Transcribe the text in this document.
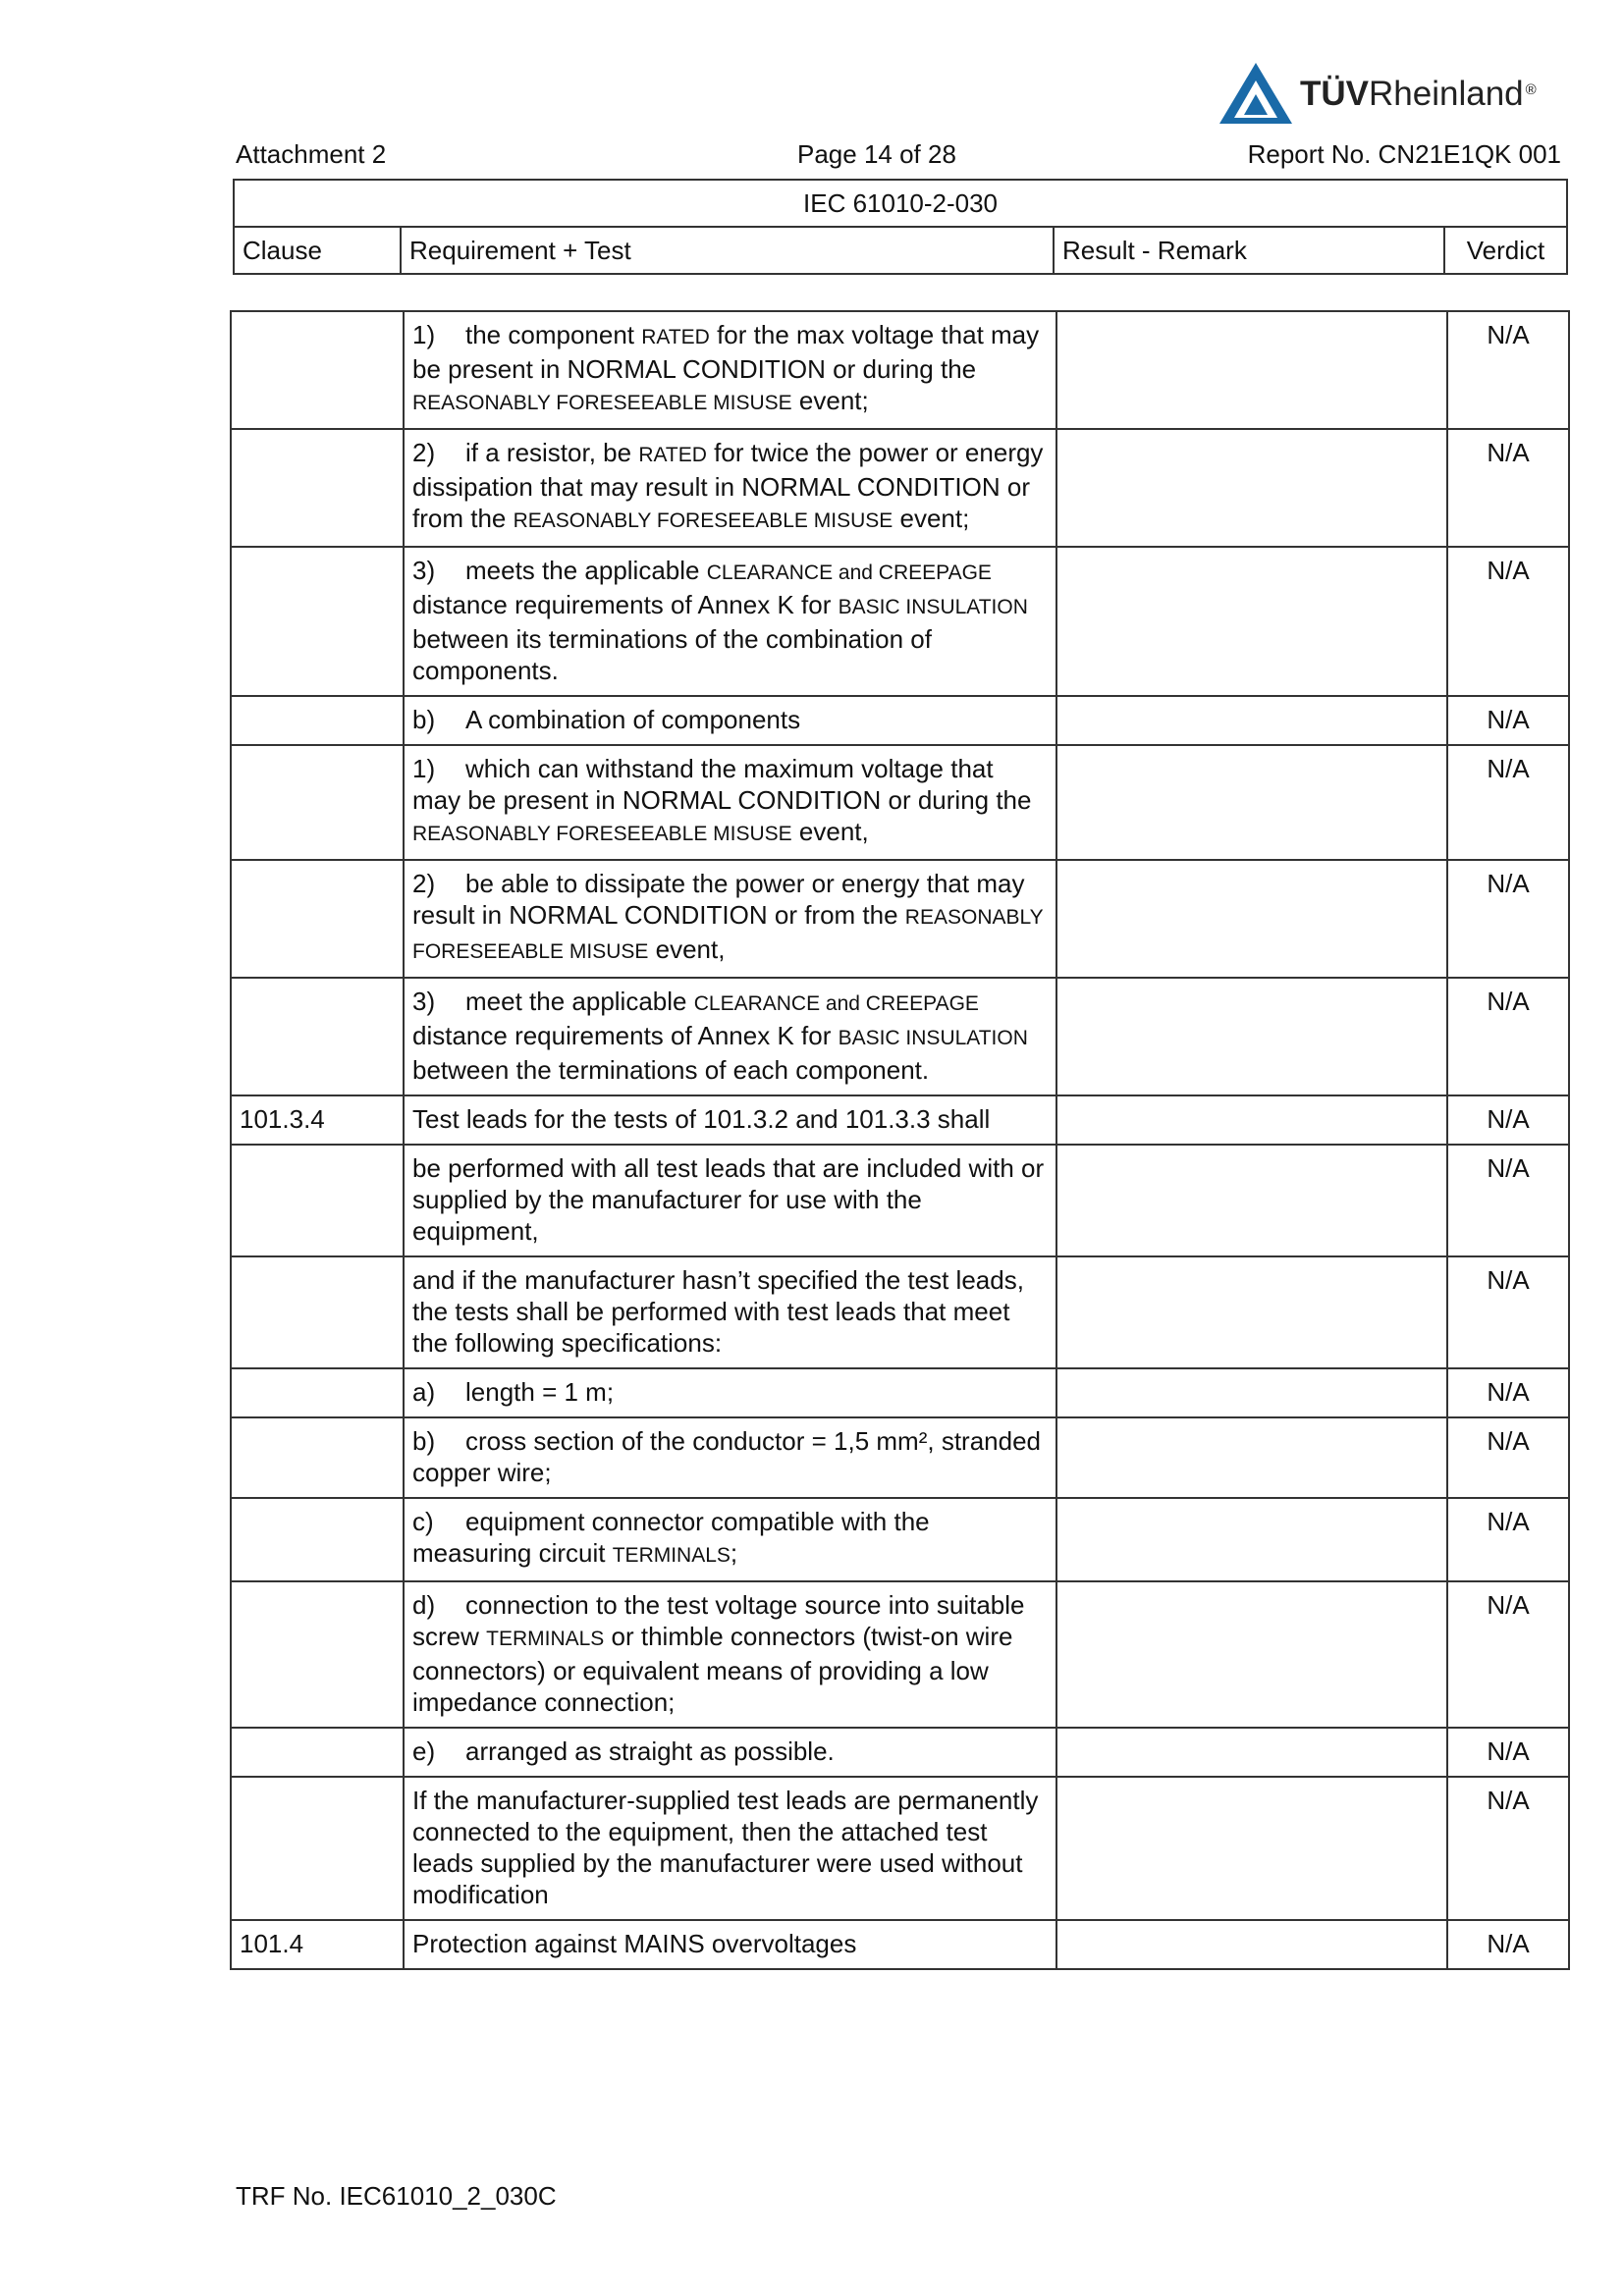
TÜVRheinland ®
Attachment 2	Page 14 of 28	Report No. CN21E1QK 001
IEC 61010-2-030
Clause	Requirement + Test	Result - Remark	Verdict
	1) the component RATED for the max voltage that may be present in NORMAL CONDITION or during the REASONABLY FORESEEABLE MISUSE event;		N/A
	2) if a resistor, be RATED for twice the power or energy dissipation that may result in NORMAL CONDITION or from the REASONABLY FORESEEABLE MISUSE event;		N/A
	3) meets the applicable CLEARANCE and CREEPAGE distance requirements of Annex K for BASIC INSULATION between its terminations of the combination of components.		N/A
	b) A combination of components		N/A
	1) which can withstand the maximum voltage that may be present in NORMAL CONDITION or during the REASONABLY FORESEEABLE MISUSE event,		N/A
	2) be able to dissipate the power or energy that may result in NORMAL CONDITION or from the REASONABLY FORESEEABLE MISUSE event,		N/A
	3) meet the applicable CLEARANCE and CREEPAGE distance requirements of Annex K for BASIC INSULATION between the terminations of each component.		N/A
101.3.4	Test leads for the tests of 101.3.2 and 101.3.3 shall		N/A
	be performed with all test leads that are included with or supplied by the manufacturer for use with the equipment,		N/A
	and if the manufacturer hasn’t specified the test leads, the tests shall be performed with test leads that meet the following specifications:		N/A
	a) length = 1 m;		N/A
	b) cross section of the conductor = 1,5 mm², stranded copper wire;		N/A
	c) equipment connector compatible with the measuring circuit TERMINALS;		N/A
	d) connection to the test voltage source into suitable screw TERMINALS or thimble connectors (twist-on wire connectors) or equivalent means of providing a low impedance connection;		N/A
	e) arranged as straight as possible.		N/A
	If the manufacturer-supplied test leads are permanently connected to the equipment, then the attached test leads supplied by the manufacturer were used without modification		N/A
101.4	Protection against MAINS overvoltages		N/A
TRF No. IEC61010_2_030C
